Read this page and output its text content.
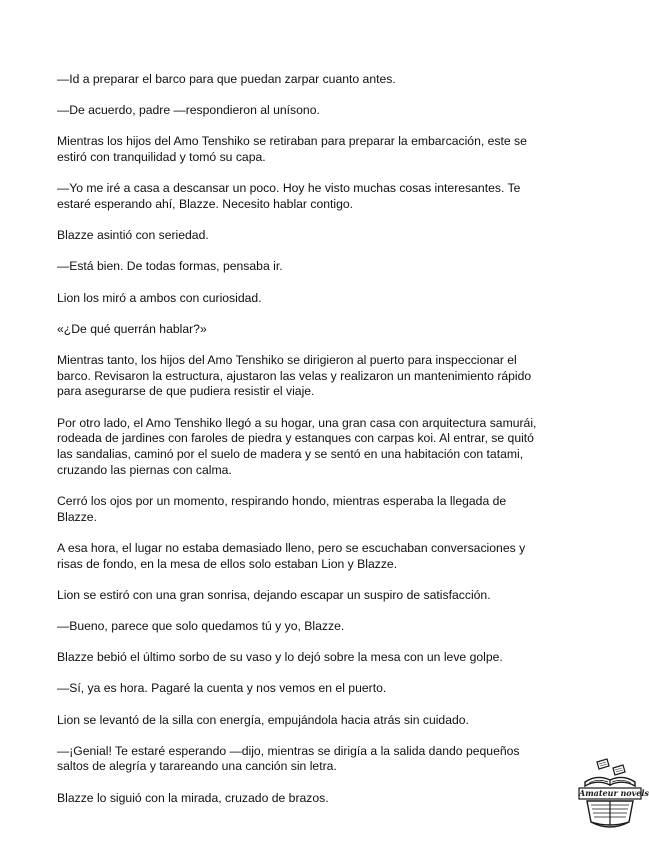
—Id a preparar el barco para que puedan zarpar cuanto antes.

—De acuerdo, padre —respondieron al unísono.

Mientras los hijos del Amo Tenshiko se retiraban para preparar la embarcación, este se estiró con tranquilidad y tomó su capa.

—Yo me iré a casa a descansar un poco. Hoy he visto muchas cosas interesantes. Te estaré esperando ahí, Blazze. Necesito hablar contigo.

Blazze asintió con seriedad.

—Está bien. De todas formas, pensaba ir.

Lion los miró a ambos con curiosidad.

«¿De qué querrán hablar?»

Mientras tanto, los hijos del Amo Tenshiko se dirigieron al puerto para inspeccionar el barco. Revisaron la estructura, ajustaron las velas y realizaron un mantenimiento rápido para asegurarse de que pudiera resistir el viaje.

Por otro lado, el Amo Tenshiko llegó a su hogar, una gran casa con arquitectura samurái, rodeada de jardines con faroles de piedra y estanques con carpas koi. Al entrar, se quitó las sandalias, caminó por el suelo de madera y se sentó en una habitación con tatami, cruzando las piernas con calma.

Cerró los ojos por un momento, respirando hondo, mientras esperaba la llegada de Blazze.

A esa hora, el lugar no estaba demasiado lleno, pero se escuchaban conversaciones y risas de fondo, en la mesa de ellos solo estaban Lion y Blazze.

Lion se estiró con una gran sonrisa, dejando escapar un suspiro de satisfacción.

—Bueno, parece que solo quedamos tú y yo, Blazze.

Blazze bebió el último sorbo de su vaso y lo dejó sobre la mesa con un leve golpe.

—Sí, ya es hora. Pagaré la cuenta y nos vemos en el puerto.

Lion se levantó de la silla con energía, empujándola hacia atrás sin cuidado.

—¡Genial! Te estaré esperando —dijo, mientras se dirigía a la salida dando pequeños saltos de alegría y tarareando una canción sin letra.

Blazze lo siguió con la mirada, cruzado de brazos.	Amateur novels
